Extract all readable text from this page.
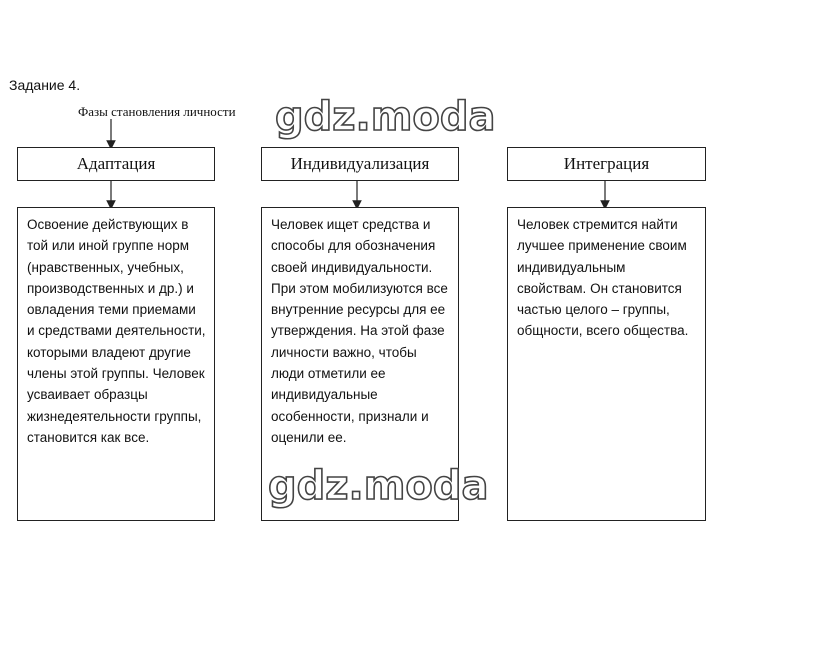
Задание 4.
Фазы становления личности
Адаптация	Индивидуализация	Интеграция
Освоение действующих в той или иной группе норм (нравственных, учебных, производственных и др.) и овладения теми приемами и средствами деятельности, которыми владеют другие члены этой группы. Человек усваивает образцы жизнедеятельности группы, становится как все.
Человек ищет средства и способы для обозначения своей индивидуальности. При этом мобилизуются все внутренние ресурсы для ее утверждения. На этой фазе личности важно, чтобы люди отметили ее индивидуальные особенности, признали и оценили ее.
Человек стремится найти лучшее применение своим индивидуальным свойствам. Он становится частью целого – группы, общности, всего общества.
gdz.moda
gdz.moda
